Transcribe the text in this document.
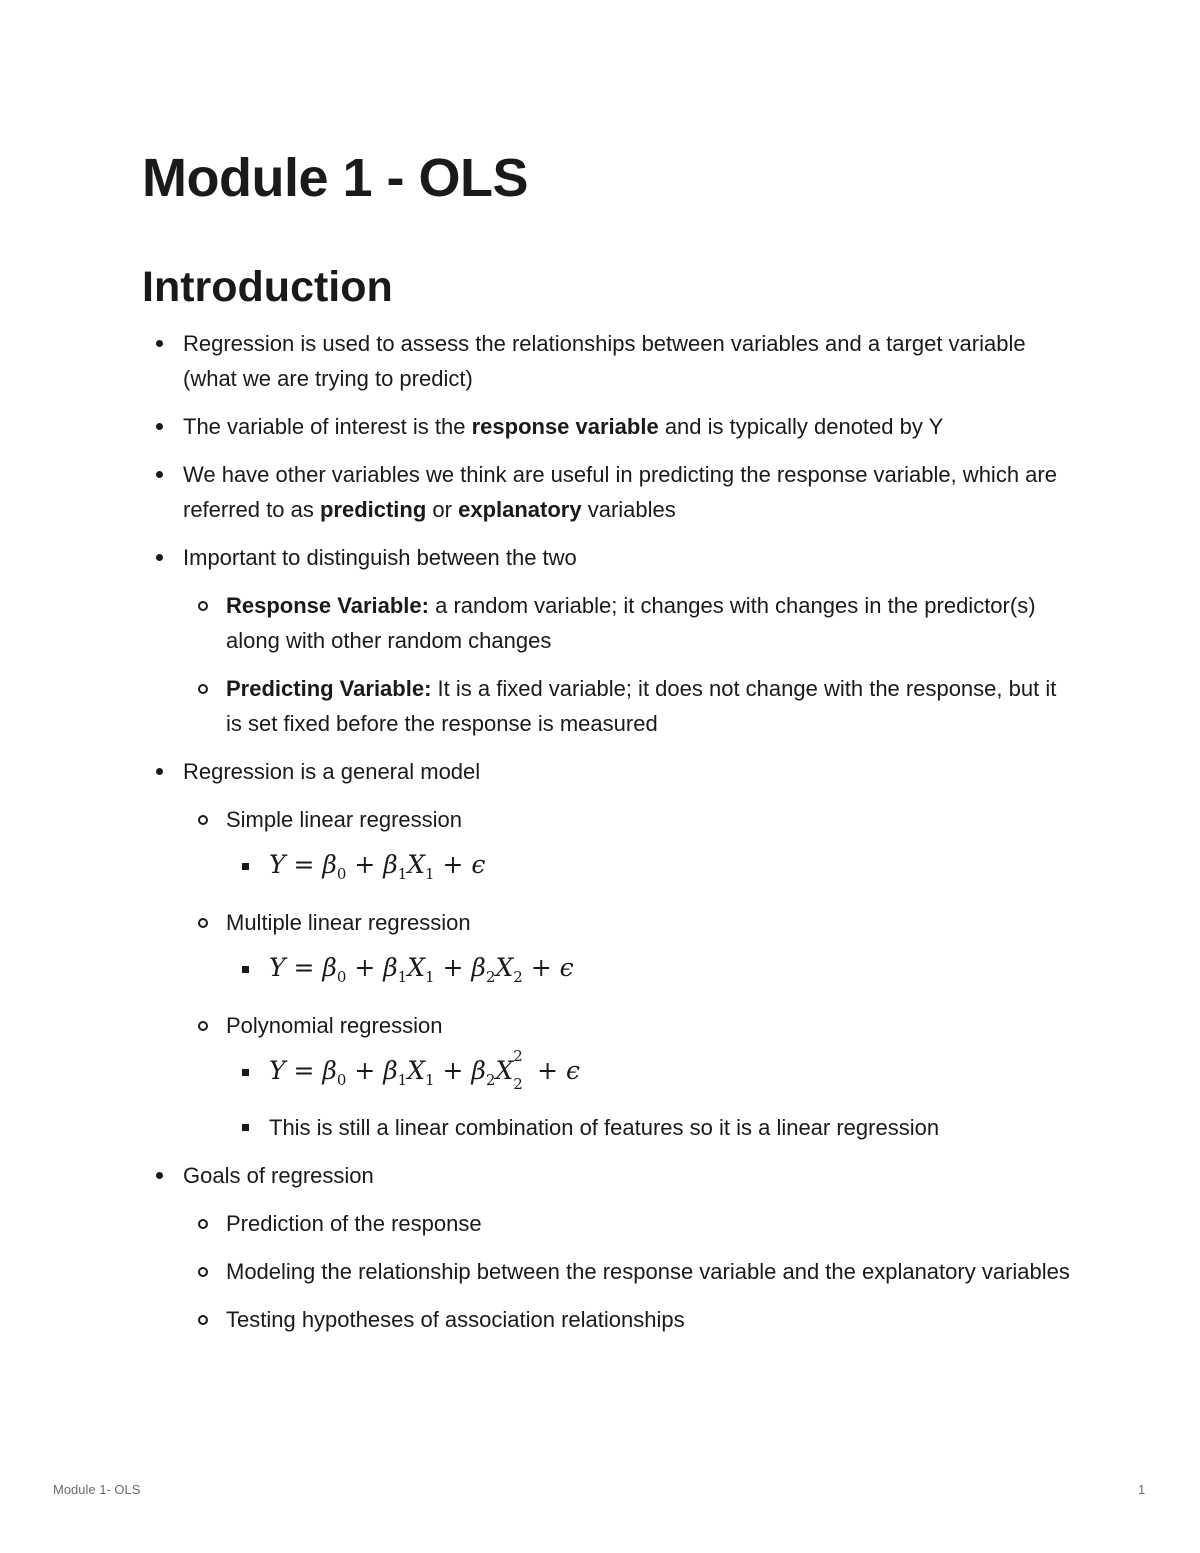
Module 1 - OLS
Introduction
Regression is used to assess the relationships between variables and a target variable (what we are trying to predict)
The variable of interest is the response variable and is typically denoted by Y
We have other variables we think are useful in predicting the response variable, which are referred to as predicting or explanatory variables
Important to distinguish between the two
Response Variable: a random variable; it changes with changes in the predictor(s) along with other random changes
Predicting Variable: It is a fixed variable; it does not change with the response, but it is set fixed before the response is measured
Regression is a general model
Simple linear regression
$Y = \beta_0 + \beta_1X_1 + \epsilon$
Multiple linear regression
$Y = \beta_0 + \beta_1X_1 + \beta_2X_2 + \epsilon$
Polynomial regression
$Y = \beta_0 + \beta_1X_1 + \beta_2X$ 2
2 + ϵ
This is still a linear combination of features so it is a linear regression
Goals of regression
Prediction of the response
Modeling the relationship between the response variable and the explanatory variables
Testing hypotheses of association relationships
Module 1- OLS	1
